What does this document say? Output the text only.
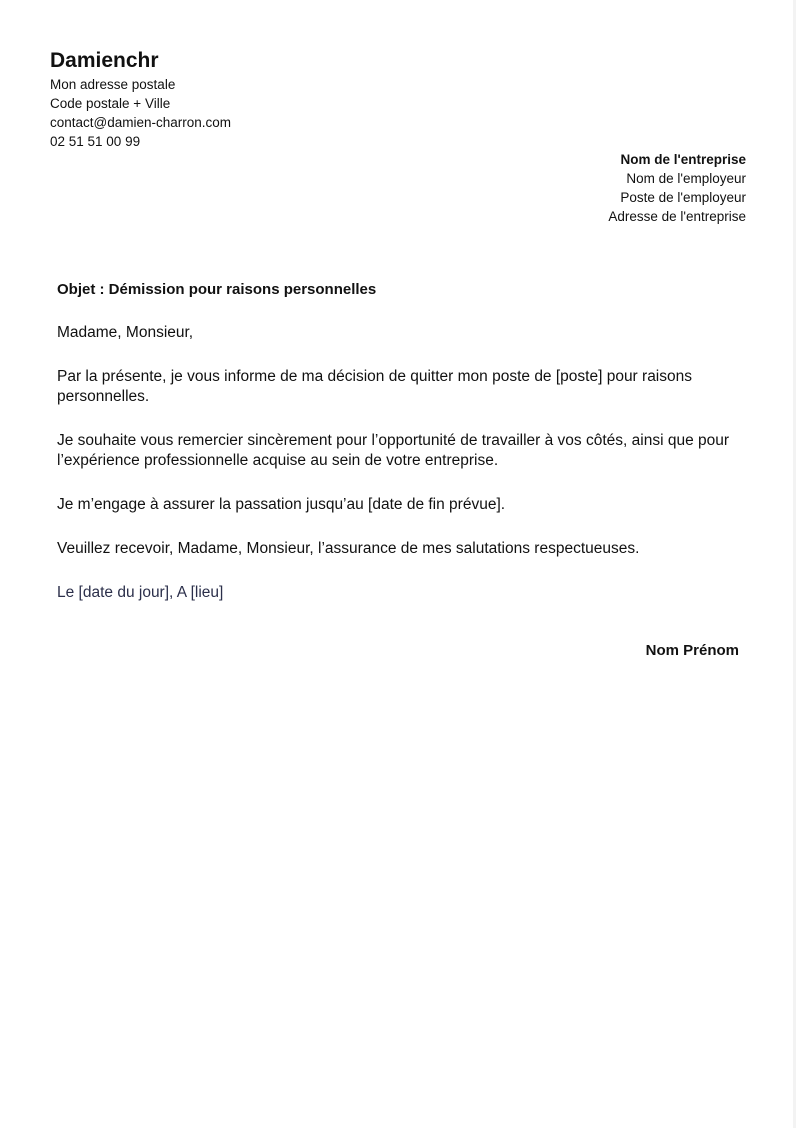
Damienchr
Mon adresse postale
Code postale + Ville
contact@damien-charron.com
02 51 51 00 99
Nom de l'entreprise
Nom de l'employeur
Poste de l'employeur
Adresse de l'entreprise

Objet : Démission pour raisons personnelles

Madame, Monsieur,

Par la présente, je vous informe de ma décision de quitter mon poste de [poste] pour raisons personnelles.

Je souhaite vous remercier sincèrement pour l’opportunité de travailler à vos côtés, ainsi que pour l’expérience professionnelle acquise au sein de votre entreprise.

Je m’engage à assurer la passation jusqu’au [date de fin prévue].

Veuillez recevoir, Madame, Monsieur, l’assurance de mes salutations respectueuses.

Le [date du jour], A [lieu]

Nom Prénom
